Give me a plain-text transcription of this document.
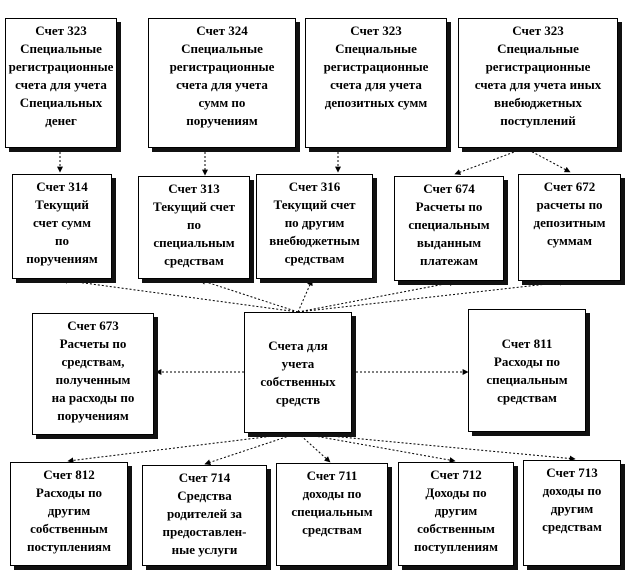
Счет 323
Специальные
регистрационные
счета для учета
Специальных
денег
Счет 324
Специальные
регистрационные
счета для учета
сумм по
поручениям
Счет 323
Специальные
регистрационные
счета для учета
депозитных сумм
Счет 323
Специальные
регистрационные
счета для учета иных
внебюджетных
поступлений
Счет 314
Текущий
счет сумм
по
поручениям
Счет 313
Текущий счет
по
специальным
средствам
Счет 316
Текущий счет
по другим
внебюджетным
средствам
Счет 674
Расчеты по
специальным
выданным
платежам
Счет 672
расчеты по
депозитным
суммам
Счет 673
Расчеты по
средствам,
полученным
на расходы по
поручениям
Счета для
учета
собственных
средств
Счет 811
Расходы по
специальным
средствам
Счет 812
Расходы по
другим
собственным
поступлениям
Счет 714
Средства
родителей за
предоставлен-
ные услуги
Счет 711
доходы по
специальным
средствам
Счет 712
Доходы по
другим
собственным
поступлениям
Счет 713
доходы по
другим
средствам
